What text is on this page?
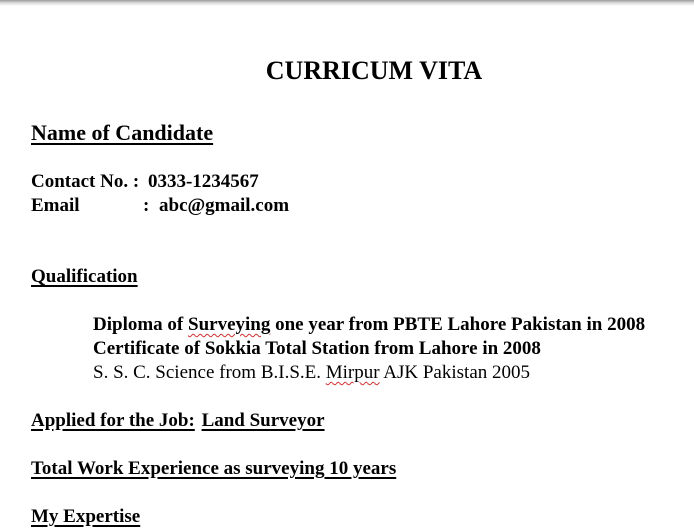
CURRICUM VITA
Name of Candidate
Contact No. : 0333-1234567
Email	: abc@gmail.com
Qualification
Diploma of Surveying one year from PBTE Lahore Pakistan in 2008
Certificate of Sokkia Total Station from Lahore in 2008
S. S. C. Science from B.I.S.E. Mirpur AJK Pakistan 2005
Applied for the Job: Land Surveyor
Total Work Experience as surveying 10 years
My Expertise
